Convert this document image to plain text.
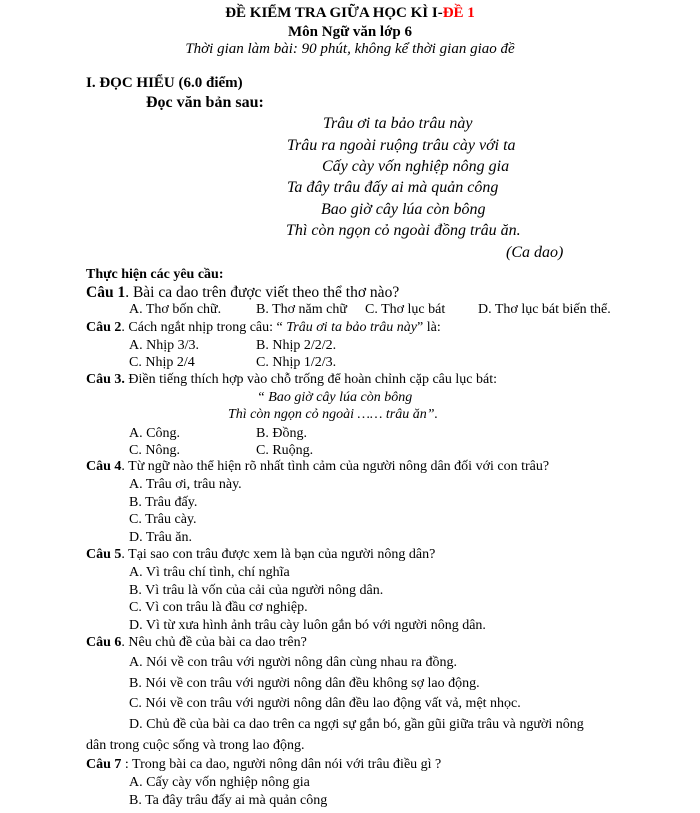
ĐỀ KIỂM TRA GIỮA HỌC KÌ I-ĐỀ 1
Môn Ngữ văn lớp 6
Thời gian làm bài: 90 phút, không kể thời gian giao đề
I. ĐỌC HIỂU (6.0 điểm)
Đọc văn bản sau:
Trâu ơi ta bảo trâu này
Trâu ra ngoài ruộng trâu cày với ta
Cấy cày vốn nghiệp nông gia
Ta đây trâu đấy ai mà quản công
Bao giờ cây lúa còn bông
Thì còn ngọn cỏ ngoài đồng trâu ăn.
(Ca dao)
Thực hiện các yêu cầu:
Câu 1. Bài ca dao trên được viết theo thể thơ nào?
A. Thơ bốn chữ. B. Thơ năm chữ C. Thơ lục bát D. Thơ lục bát biến thể.
Câu 2. Cách ngắt nhịp trong câu: “ Trâu ơi ta bảo trâu này” là:
A. Nhịp 3/3.	B. Nhịp 2/2/2.
C. Nhịp 2/4	C. Nhịp 1/2/3.
Câu 3. Điền tiếng thích hợp vào chỗ trống để hoàn chỉnh cặp câu lục bát:
“ Bao giờ cây lúa còn bông
Thì còn ngọn cỏ ngoài …… trâu ăn”.
A. Công.	B. Đồng.
C. Nông.	C. Ruộng.
Câu 4. Từ ngữ nào thể hiện rõ nhất tình cảm của người nông dân đối với con trâu?
A. Trâu ơi, trâu này.
B. Trâu đấy.
C. Trâu cày.
D. Trâu ăn.
Câu 5. Tại sao con trâu được xem là bạn của người nông dân?
A. Vì trâu chí tình, chí nghĩa
B. Vì trâu là vốn của cải của người nông dân.
C. Vì con trâu là đầu cơ nghiệp.
D. Vì từ xưa hình ảnh trâu cày luôn gắn bó với người nông dân.
Câu 6. Nêu chủ đề của bài ca dao trên?
A. Nói về con trâu với người nông dân cùng nhau ra đồng.
B. Nói về con trâu với người nông dân đều không sợ lao động.
C. Nói về con trâu với người nông dân đều lao động vất vả, mệt nhọc.
D. Chủ đề của bài ca dao trên ca ngợi sự gắn bó, gần gũi giữa trâu và người nông
dân trong cuộc sống và trong lao động.
Câu 7 : Trong bài ca dao, người nông dân nói với trâu điều gì ?
A. Cấy cày vốn nghiệp nông gia
B. Ta đây trâu đấy ai mà quản công
